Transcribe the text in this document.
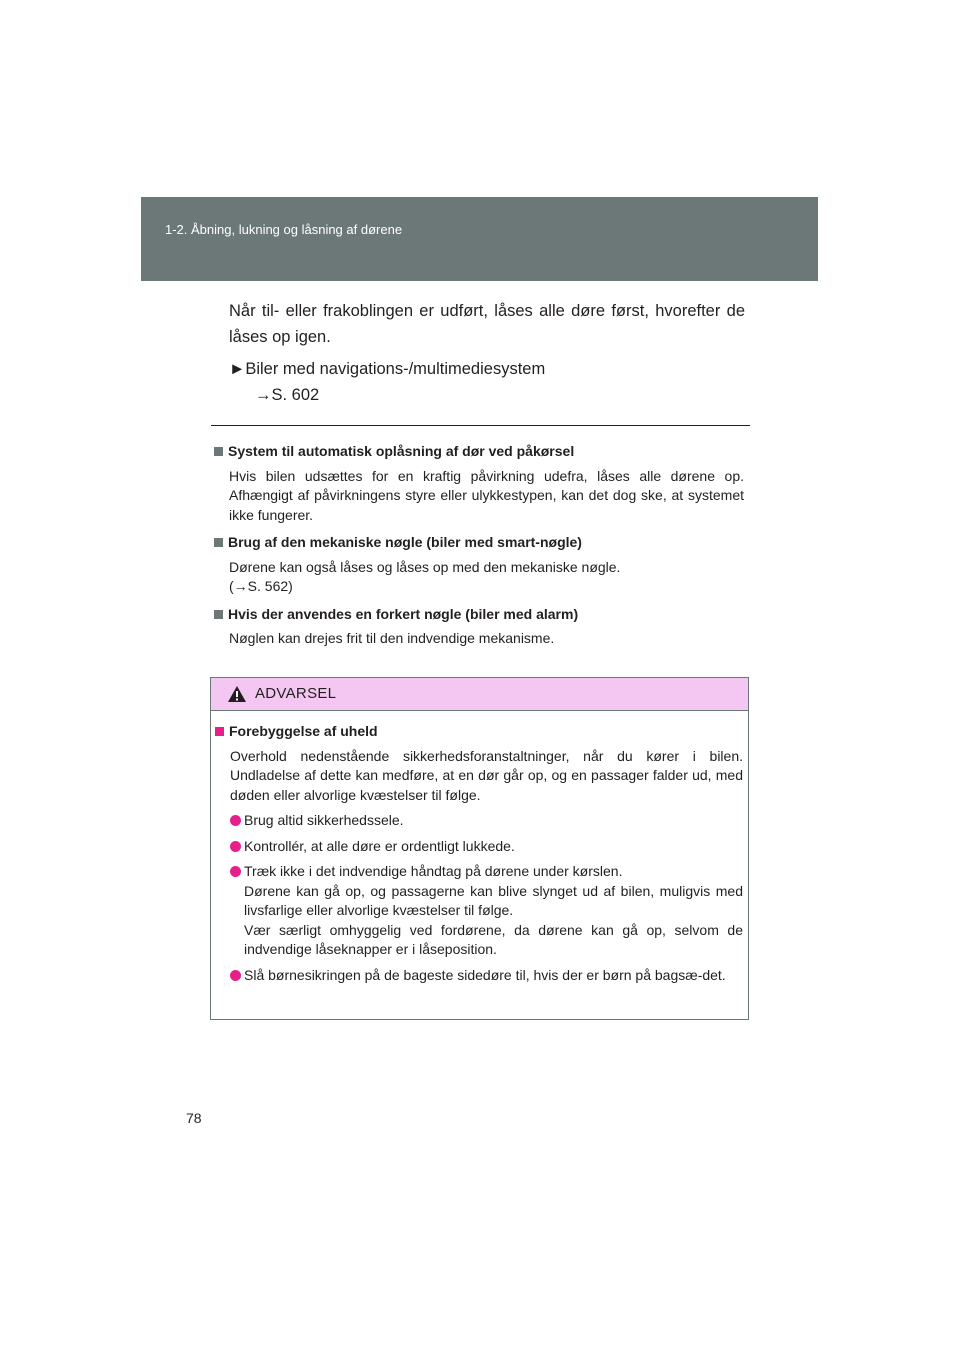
1-2. Åbning, lukning og låsning af dørene

Når til- eller frakoblingen er udført, låses alle døre først, hvorefter de låses op igen.

►Biler med navigations-/multimediesystem
→S. 602

System til automatisk oplåsning af dør ved påkørsel

Hvis bilen udsættes for en kraftig påvirkning udefra, låses alle dørene op. Afhængigt af påvirkningens styre eller ulykkestypen, kan det dog ske, at systemet ikke fungerer.

Brug af den mekaniske nøgle (biler med smart-nøgle)

Dørene kan også låses og låses op med den mekaniske nøgle.
(→S. 562)

Hvis der anvendes en forkert nøgle (biler med alarm)

Nøglen kan drejes frit til den indvendige mekanisme.

ADVARSEL

Forebyggelse af uheld

Overhold nedenstående sikkerhedsforanstaltninger, når du kører i bilen. Undladelse af dette kan medføre, at en dør går op, og en passager falder ud, med døden eller alvorlige kvæstelser til følge.

Brug altid sikkerhedssele.
Kontrollér, at alle døre er ordentligt lukkede.
Træk ikke i det indvendige håndtag på dørene under kørslen.
Dørene kan gå op, og passagerne kan blive slynget ud af bilen, muligvis med livsfarlige eller alvorlige kvæstelser til følge.
Vær særligt omhyggelig ved fordørene, da dørene kan gå op, selvom de indvendige låseknapper er i låseposition.
Slå børnesikringen på de bageste sidedøre til, hvis der er børn på bagsæ-det.
78
